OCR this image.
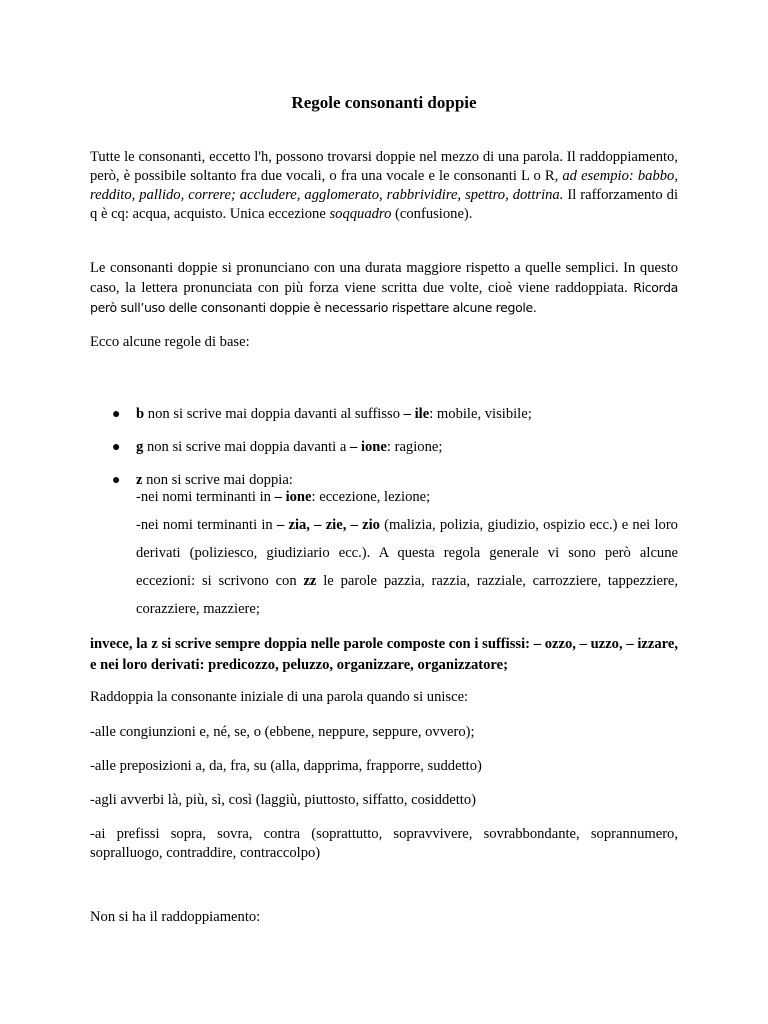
Regole consonanti doppie

Tutte le consonanti, eccetto l'h, possono trovarsi doppie nel mezzo di una parola. Il raddoppiamento, però, è possibile soltanto fra due vocali, o fra una vocale e le consonanti L o R, ad esempio: babbo, reddito, pallido, correre; accludere, agglomerato, rabbrividire, spettro, dottrina. Il rafforzamento di q è cq: acqua, acquisto. Unica eccezione soqquadro (confusione).

Le consonanti doppie si pronunciano con una durata maggiore rispetto a quelle semplici. In questo caso, la lettera pronunciata con più forza viene scritta due volte, cioè viene raddoppiata. Ricorda però sull’uso delle consonanti doppie è necessario rispettare alcune regole.

Ecco alcune regole di base:

● b non si scrive mai doppia davanti al suffisso – ile: mobile, visibile;
● g non si scrive mai doppia davanti a – ione: ragione;
● z non si scrive mai doppia:

-nei nomi terminanti in – ione: eccezione, lezione;

-nei nomi terminanti in – zia, – zie, – zio (malizia, polizia, giudizio, ospizio ecc.) e nei loro derivati (poliziesco, giudiziario ecc.). A questa regola generale vi sono però alcune eccezioni: si scrivono con zz le parole pazzia, razzia, razziale, carrozziere, tappezziere, corazziere, mazziere;

invece, la z si scrive sempre doppia nelle parole composte con i suffissi: – ozzo, – uzzo, – izzare, e nei loro derivati: predicozzo, peluzzo, organizzare, organizzatore;

Raddoppia la consonante iniziale di una parola quando si unisce:

-alle congiunzioni e, né, se, o (ebbene, neppure, seppure, ovvero);

-alle preposizioni a, da, fra, su (alla, dapprima, frapporre, suddetto)

-agli avverbi là, più, sì, così (laggiù, piuttosto, siffatto, cosiddetto)

-ai prefissi sopra, sovra, contra (soprattutto, sopravvivere, sovrabbondante, soprannumero, sopralluogo, contraddire, contraccolpo)

Non si ha il raddoppiamento:
